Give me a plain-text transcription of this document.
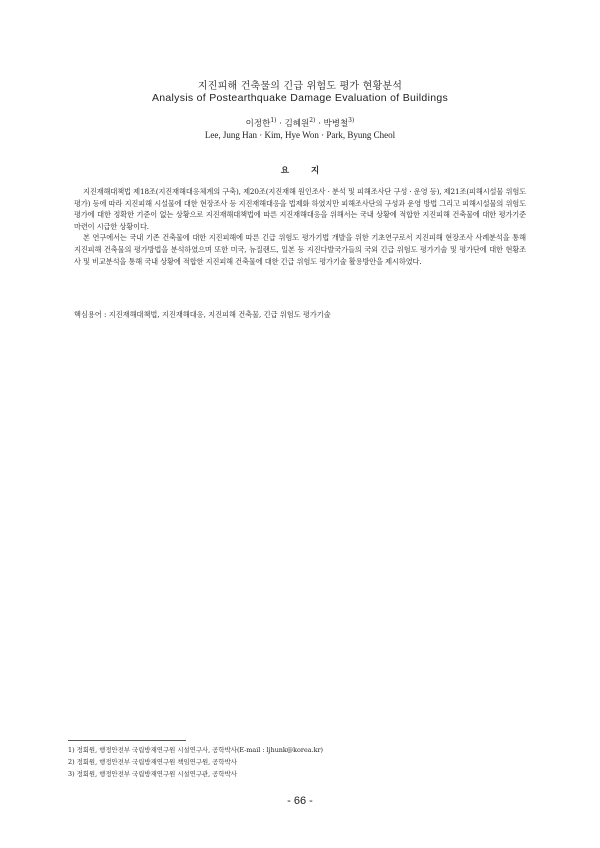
지진피해 건축물의 긴급 위험도 평가 현황분석
Analysis of Postearthquake Damage Evaluation of Buildings
이정한$^{1)}$ · 김혜원$^{2)}$ · 박병철$^{3)}$
Lee, Jung Han · Kim, Hye Won · Park, Byung Cheol
요	지

지진재해대책법 제18조(지진재해대응체계의 구축), 제20조(지진재해 원인조사 · 분석 및 피해조사단 구성 · 운영 등), 제21조(피해시설물 위험도 평가) 등에 따라 지진피해 시설물에 대한 현장조사 등 지진재해대응을 법제화 하였지만 피해조사단의 구성과 운영 방법 그리고 피해시설물의 위험도 평가에 대한 정확한 기준이 없는 상황으로 지진재해대책법에 따른 지진재해대응을 위해서는 국내 상황에 적합한 지진피해 건축물에 대한 평가기준 마련이 시급한 상황이다.

본 연구에서는 국내 기존 건축물에 대한 지진피해에 따른 긴급 위험도 평가기법 개발을 위한 기초연구로서 지진피해 현장조사 사례분석을 통해 지진피해 건축물의 평가방법을 분석하였으며 또한 미국, 뉴질랜드, 일본 등 지진다발국가들의 국외 긴급 위험도 평가기술 및 평가단에 대한 현황조사 및 비교분석을 통해 국내 상황에 적합한 지진피해 건축물에 대한 긴급 위험도 평가기술 활용방안을 제시하였다.

핵심용어 : 지진재해대책법, 지진재해대응, 지진피해 건축물, 긴급 위험도 평가기술
1) 정회원, 행정안전부 국립방재연구원 시설연구사, 공학박사(E-mail : ljhunk@korea.kr)
2) 정회원, 행정안전부 국립방재연구원 책임연구원, 공학박사
3) 정회원, 행정안전부 국립방재연구원 시설연구관, 공학박사
- 66 -
